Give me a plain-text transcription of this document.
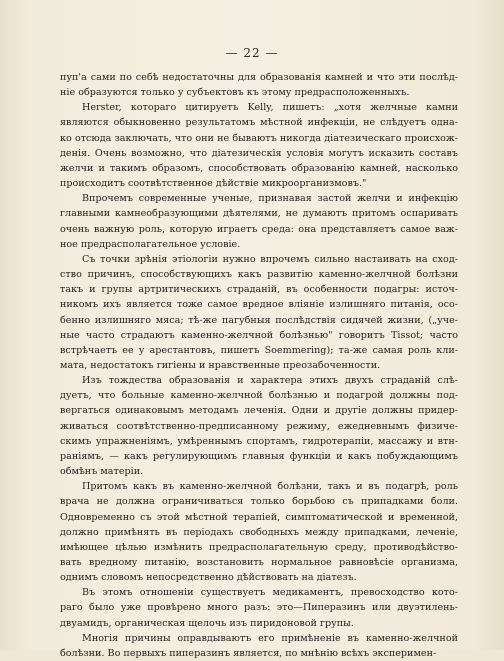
— 22 —
пуп'а сами по себѣ недостаточны для образованія камней и что эти послѣд-
ніе образуются только у субъектовъ къ этому предрасположенныхъ.
Herster, котораго цитируетъ Kelly, пишетъ: „хотя желчные камни
являются обыкновенно результатомъ мѣстной инфекціи, не слѣдуетъ одна-
ко отсюда заключать, что они не бываютъ никогда діатезическаго происхож-
денія. Очень возможно, что діатезическія условія могутъ исказить составъ
желчи и такимъ образомъ, способствовать образованію камней, насколько
происходитъ соотвѣтственное дѣйствіе микроорганизмовъ."
Впрочемъ современные ученые, признавая застой желчи и инфекцію
главными камнеобразующими дѣятелями, не думаютъ притомъ оспаривать
очень важную роль, которую играетъ среда: она представляетъ самое важ-
ное предрасполагательное условіе.
Съ точки зрѣнія этіологіи нужно впрочемъ сильно настаивать на сход-
ство причинъ, способствующихъ какъ развитію каменно-желчной болѣзни
такъ и групы артритическихъ страданій, въ особенности подагры: источ-
никомъ ихъ является тоже самое вредное вліяніе излишняго питанія, осо-
бенно излишняго мяса; тѣ-же пагубныя послѣдствія сидячей жизни, („уче-
ные часто страдаютъ каменно-желчной болѣзнью" говоритъ Tissot; часто
встрѣчаетъ ее у арестантовъ, пишетъ Soemmering); та-же самая роль кли-
мата, недостатокъ гигіены и нравственные преозабоченности.
Изъ тождества образованія и характера этихъ двухъ страданій слѣ-
дуетъ, что больные каменно-желчной болѣзнью и подагрой должны под-
вергаться одинаковымъ методамъ леченія. Одни и другіе должны придер-
живаться соотвѣтственно-предписанному режиму, ежедневнымъ физиче-
скимъ упражненіямъ, умѣреннымъ спортамъ, гидротерапіи, массажу и втн-
раніямъ, — какъ регулирующимъ главныя функціи и какъ побуждающимъ
обмѣнъ матеріи.
Притомъ какъ въ каменно-желчной болѣзни, такъ и въ подагрѣ, роль
врача не должна ограничиваться только борьбою съ припадками боли.
Одновременно съ этой мѣстной терапіей, симптоматической и временной,
должно примѣнять въ періодахъ свободныхъ между припадками, леченіе,
имѣющее цѣлью измѣнить предрасполагательную среду, противодѣйство-
вать вредному питанію, возстановить нормальное равновѣсіе организма,
однимъ словомъ непосредственно дѣйствовать на діатезъ.
Въ этомъ отношеніи существуетъ медикаментъ, превосходство кото-
раго было уже провѣрено много разъ: это—Пиперазинъ или двуэтилень-
двуамидъ, органическая щелочь изъ пиридоновой групы.
Многія причины оправдываютъ его примѣненіе въ каменно-желчной
болѣзни. Во первыхъ пиперазинъ является, по мнѣнію всѣхъ эксперимен-
